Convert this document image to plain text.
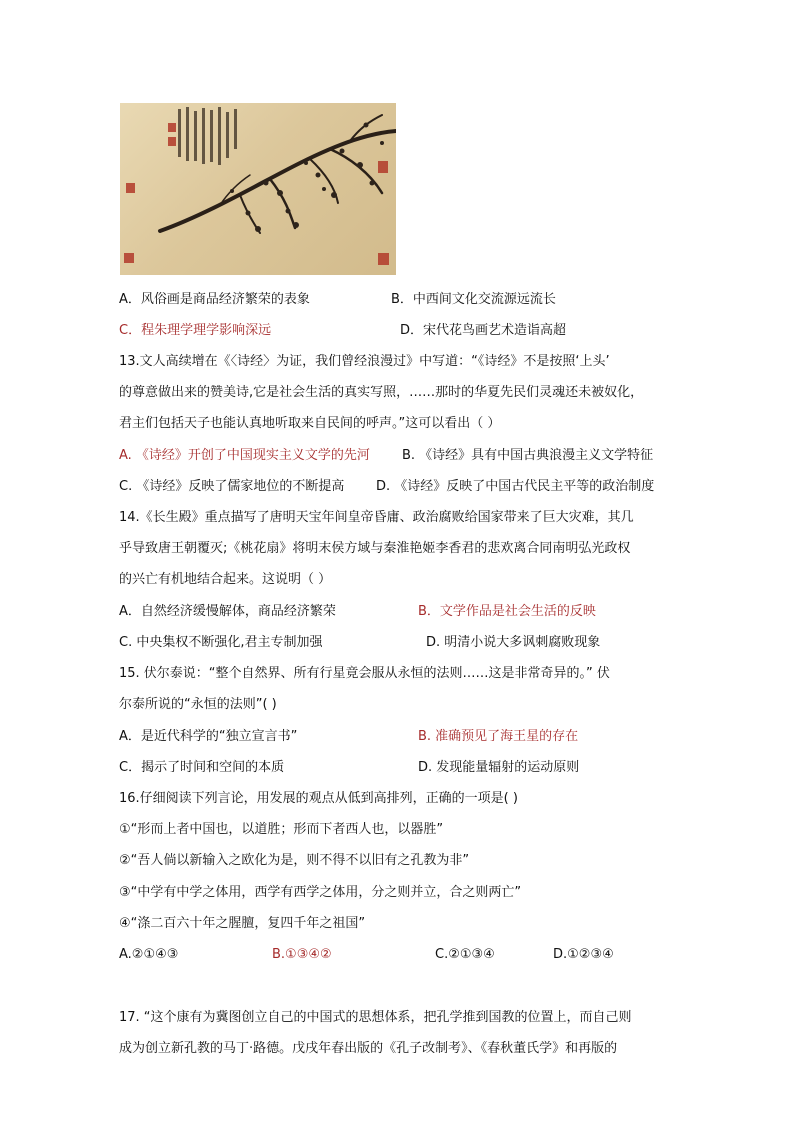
A．风俗画是商品经济繁荣的表象	B．中西间文化交流源远流长
C．程朱理学理学影响深远	D．宋代花鸟画艺术造诣高超
13.文人高续增在《〈诗经〉为证，我们曾经浪漫过》中写道：“《诗经》不是按照‘上头’
的尊意做出来的赞美诗,它是社会生活的真实写照，……那时的华夏先民们灵魂还未被奴化，
君主们包括天子也能认真地听取来自民间的呼声。”这可以看出（ ）
A. 《诗经》开创了中国现实主义文学的先河 B. 《诗经》具有中国古典浪漫主义文学特征
C. 《诗经》反映了儒家地位的不断提高 D. 《诗经》反映了中国古代民主平等的政治制度
14.《长生殿》重点描写了唐明天宝年间皇帝昏庸、政治腐败给国家带来了巨大灾难，其几
乎导致唐王朝覆灭;《桃花扇》将明末侯方域与秦淮艳姬李香君的悲欢离合同南明弘光政权
的兴亡有机地结合起来。这说明（ ）
A．自然经济缓慢解体，商品经济繁荣	B．文学作品是社会生活的反映
C. 中央集权不断强化,君主专制加强	D. 明清小说大多讽刺腐败现象
15. 伏尔泰说：“整个自然界、所有行星竟会服从永恒的法则……这是非常奇异的。” 伏
尔泰所说的“永恒的法则”( )
A．是近代科学的“独立宣言书”	B. 准确预见了海王星的存在
C．揭示了时间和空间的本质	D. 发现能量辐射的运动原则
16.仔细阅读下列言论，用发展的观点从低到高排列，正确的一项是( )
①“形而上者中国也，以道胜；形而下者西人也，以器胜”
②“吾人倘以新输入之欧化为是，则不得不以旧有之孔教为非”
③“中学有中学之体用，西学有西学之体用，分之则并立，合之则两亡”
④“涤二百六十年之腥膻，复四千年之祖国”
A.②①④③	B.①③④②	C.②①③④	D.①②③④
17. “这个康有为冀图创立自己的中国式的思想体系，把孔学推到国教的位置上，而自己则
成为创立新孔教的马丁·路德。戊戌年春出版的《孔子改制考》、《春秋董氏学》和再版的
